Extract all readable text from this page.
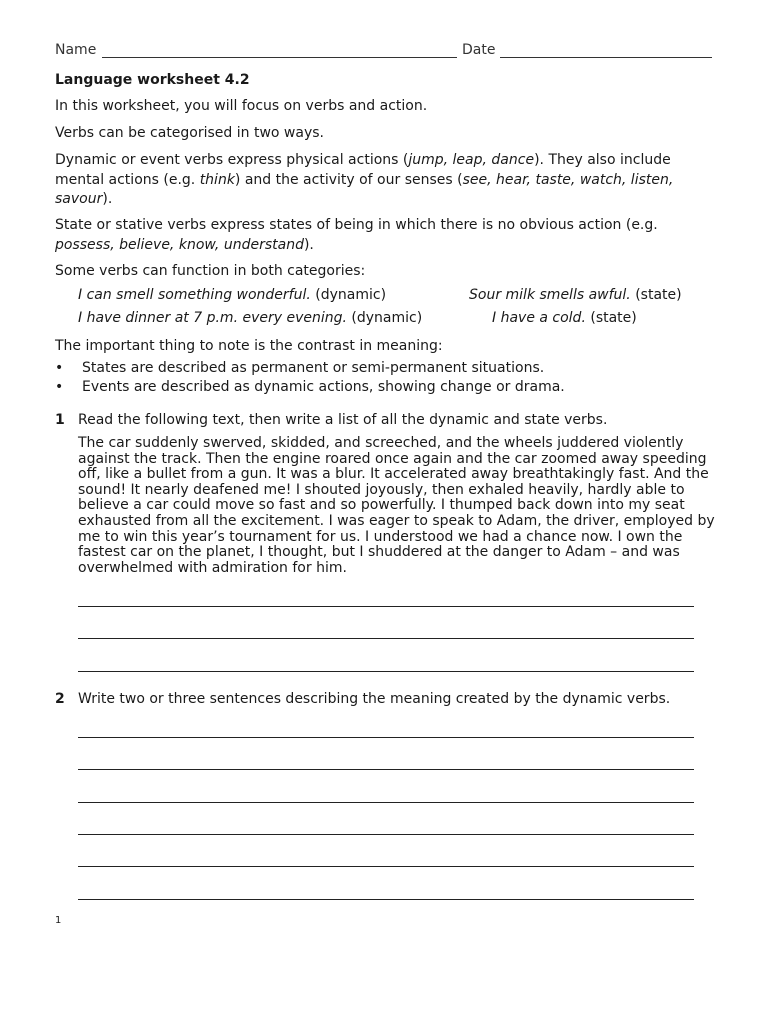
Name	Date

Language worksheet 4.2

In this worksheet, you will focus on verbs and action.

Verbs can be categorised in two ways.

Dynamic or event verbs express physical actions (jump, leap, dance). They also include mental actions (e.g. think) and the activity of our senses (see, hear, taste, watch, listen, savour).

State or stative verbs express states of being in which there is no obvious action (e.g. possess, believe, know, understand).

Some verbs can function in both categories:

I can smell something wonderful. (dynamic)	Sour milk smells awful. (state)
I have dinner at 7 p.m. every evening. (dynamic)	I have a cold. (state)

The important thing to note is the contrast in meaning:

• States are described as permanent or semi-permanent situations.
• Events are described as dynamic actions, showing change or drama.
1 Read the following text, then write a list of all the dynamic and state verbs.

The car suddenly swerved, skidded, and screeched, and the wheels juddered violently against the track. Then the engine roared once again and the car zoomed away speeding off, like a bullet from a gun. It was a blur. It accelerated away breathtakingly fast. And the sound! It nearly deafened me! I shouted joyously, then exhaled heavily, hardly able to believe a car could move so fast and so powerfully. I thumped back down into my seat exhausted from all the excitement. I was eager to speak to Adam, the driver, employed by me to win this year’s tournament for us. I understood we had a chance now. I own the fastest car on the planet, I thought, but I shuddered at the danger to Adam – and was overwhelmed with admiration for him.

2 Write two or three sentences describing the meaning created by the dynamic verbs.
1
